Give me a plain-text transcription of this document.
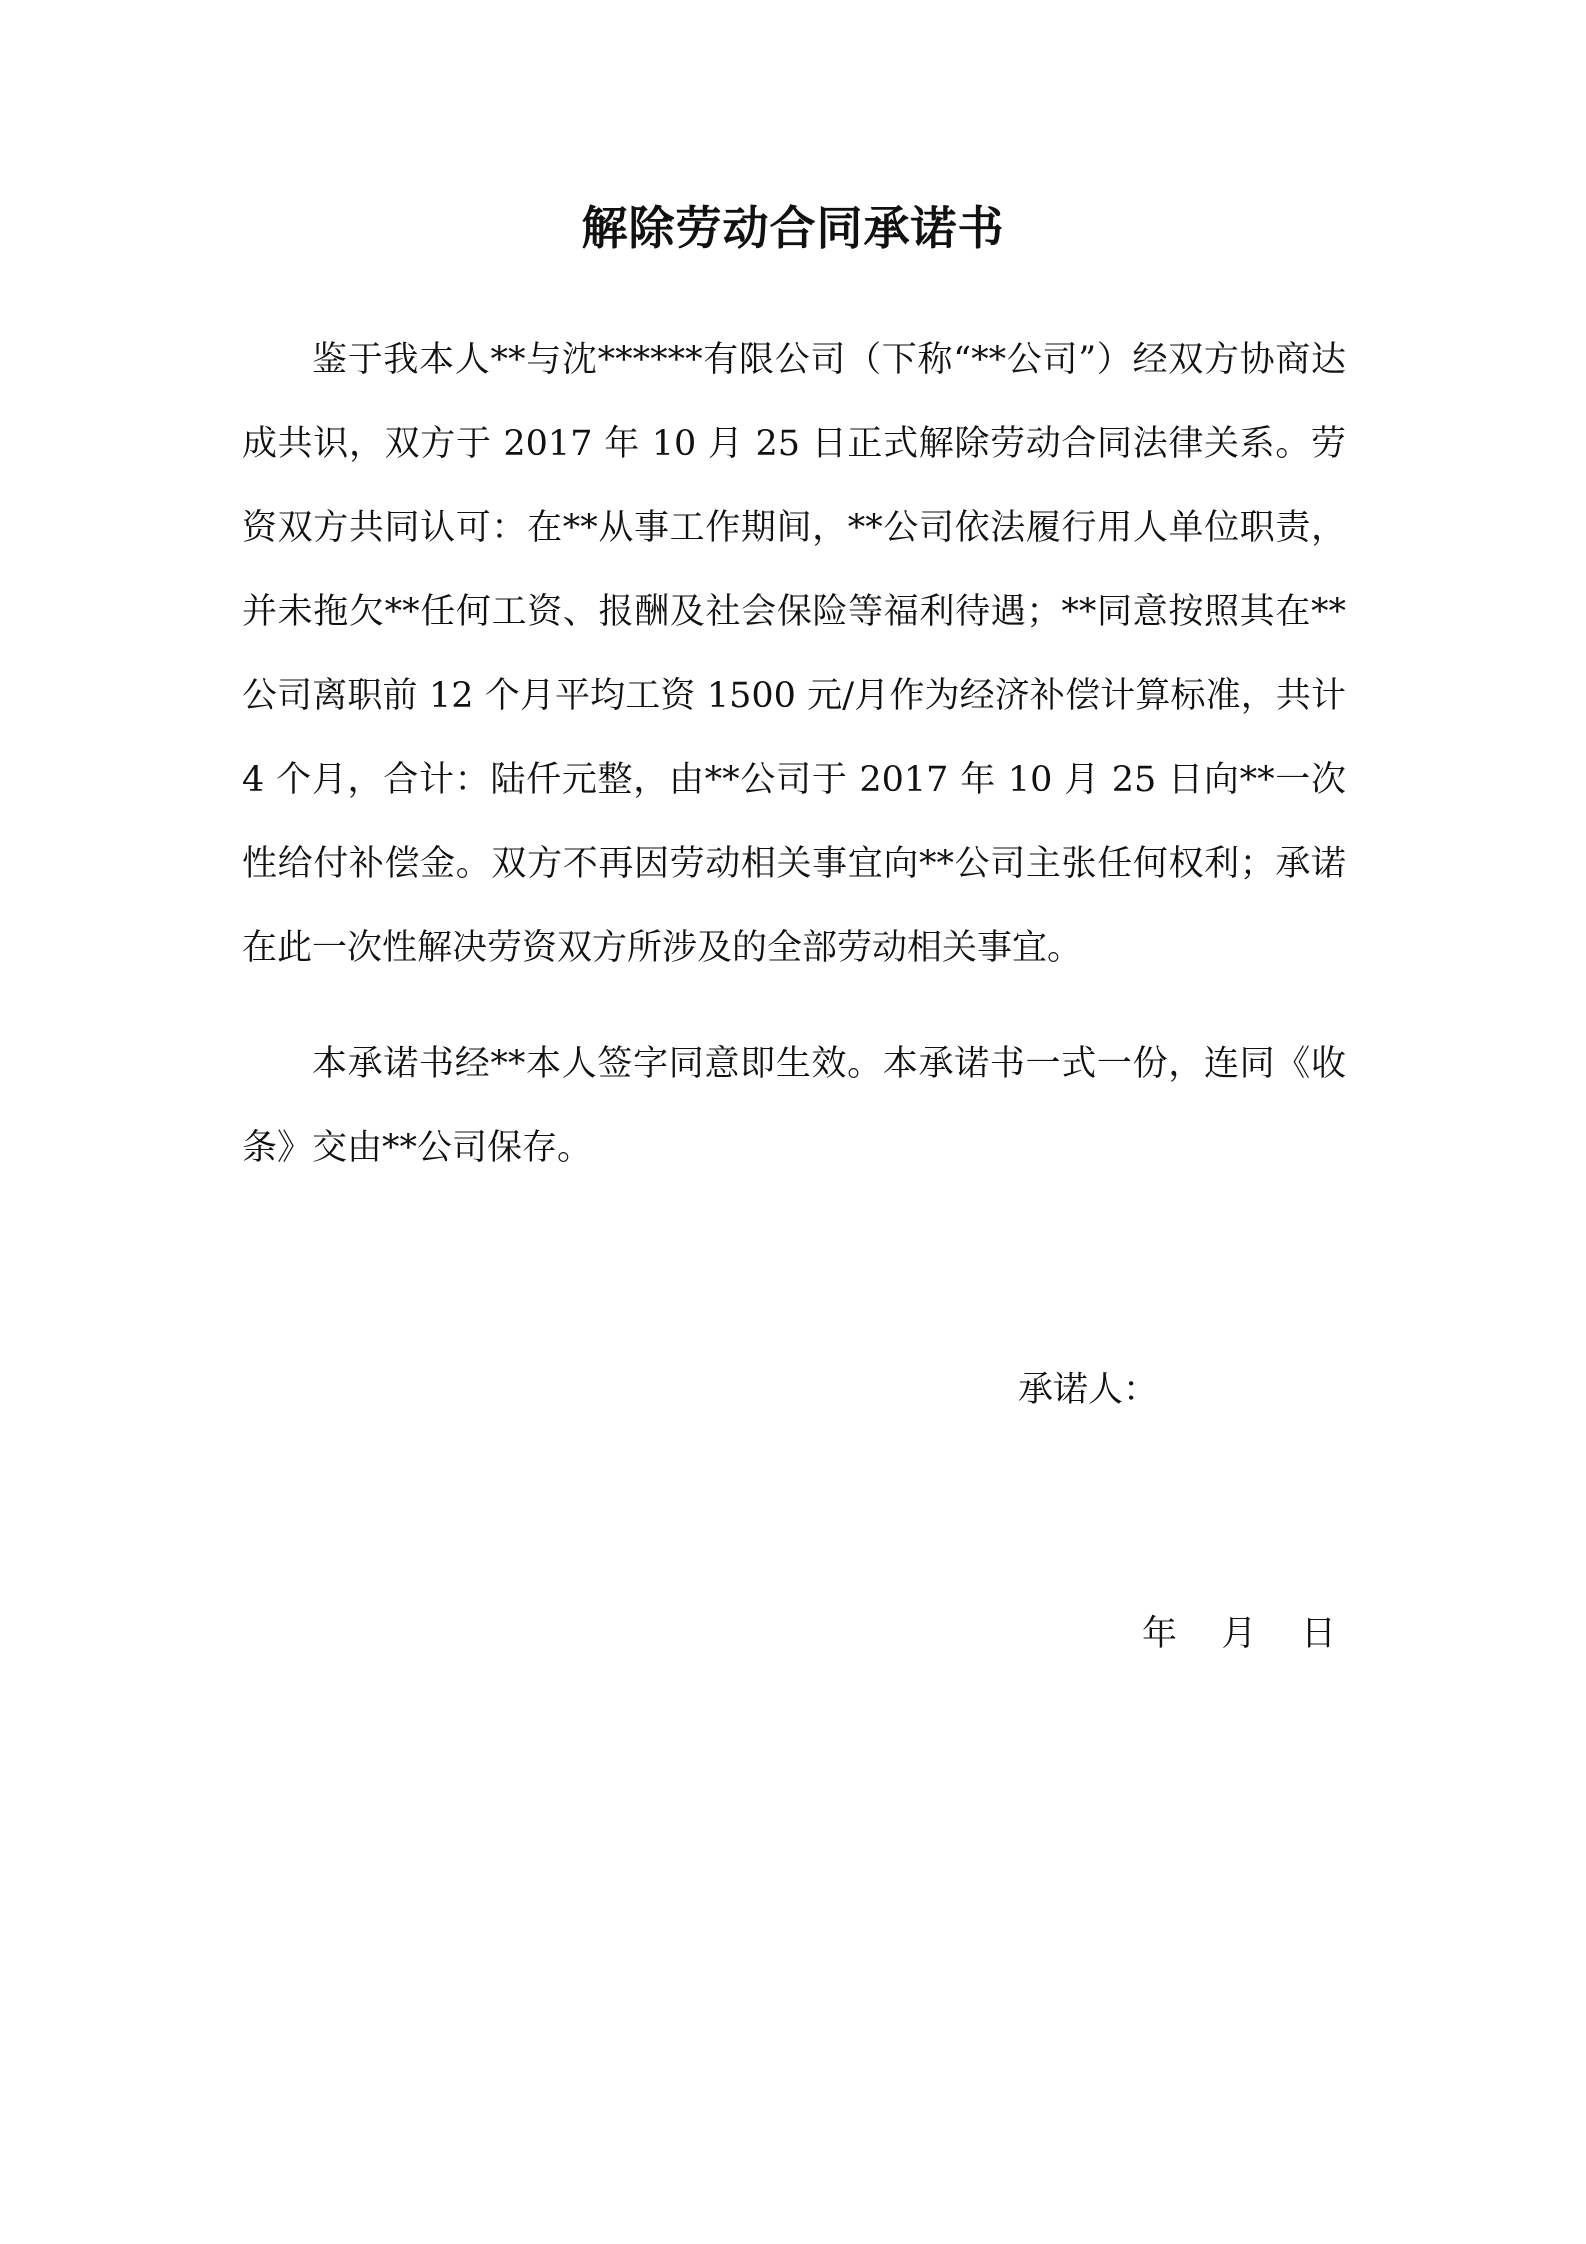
解除劳动合同承诺书

鉴于我本人**与沈******有限公司（下称“**公司”）经双方协商达成共识，双方于 2017 年 10 月 25 日正式解除劳动合同法律关系。劳资双方共同认可：在**从事工作期间，**公司依法履行用人单位职责，并未拖欠**任何工资、报酬及社会保险等福利待遇；**同意按照其在**公司离职前 12 个月平均工资 1500 元/月作为经济补偿计算标准，共计 4 个月，合计：陆仟元整，由**公司于 2017 年 10 月 25 日向**一次性给付补偿金。双方不再因劳动相关事宜向**公司主张任何权利；承诺在此一次性解决劳资双方所涉及的全部劳动相关事宜。

本承诺书经**本人签字同意即生效。本承诺书一式一份，连同《收条》交由**公司保存。

承诺人：

年    月    日
